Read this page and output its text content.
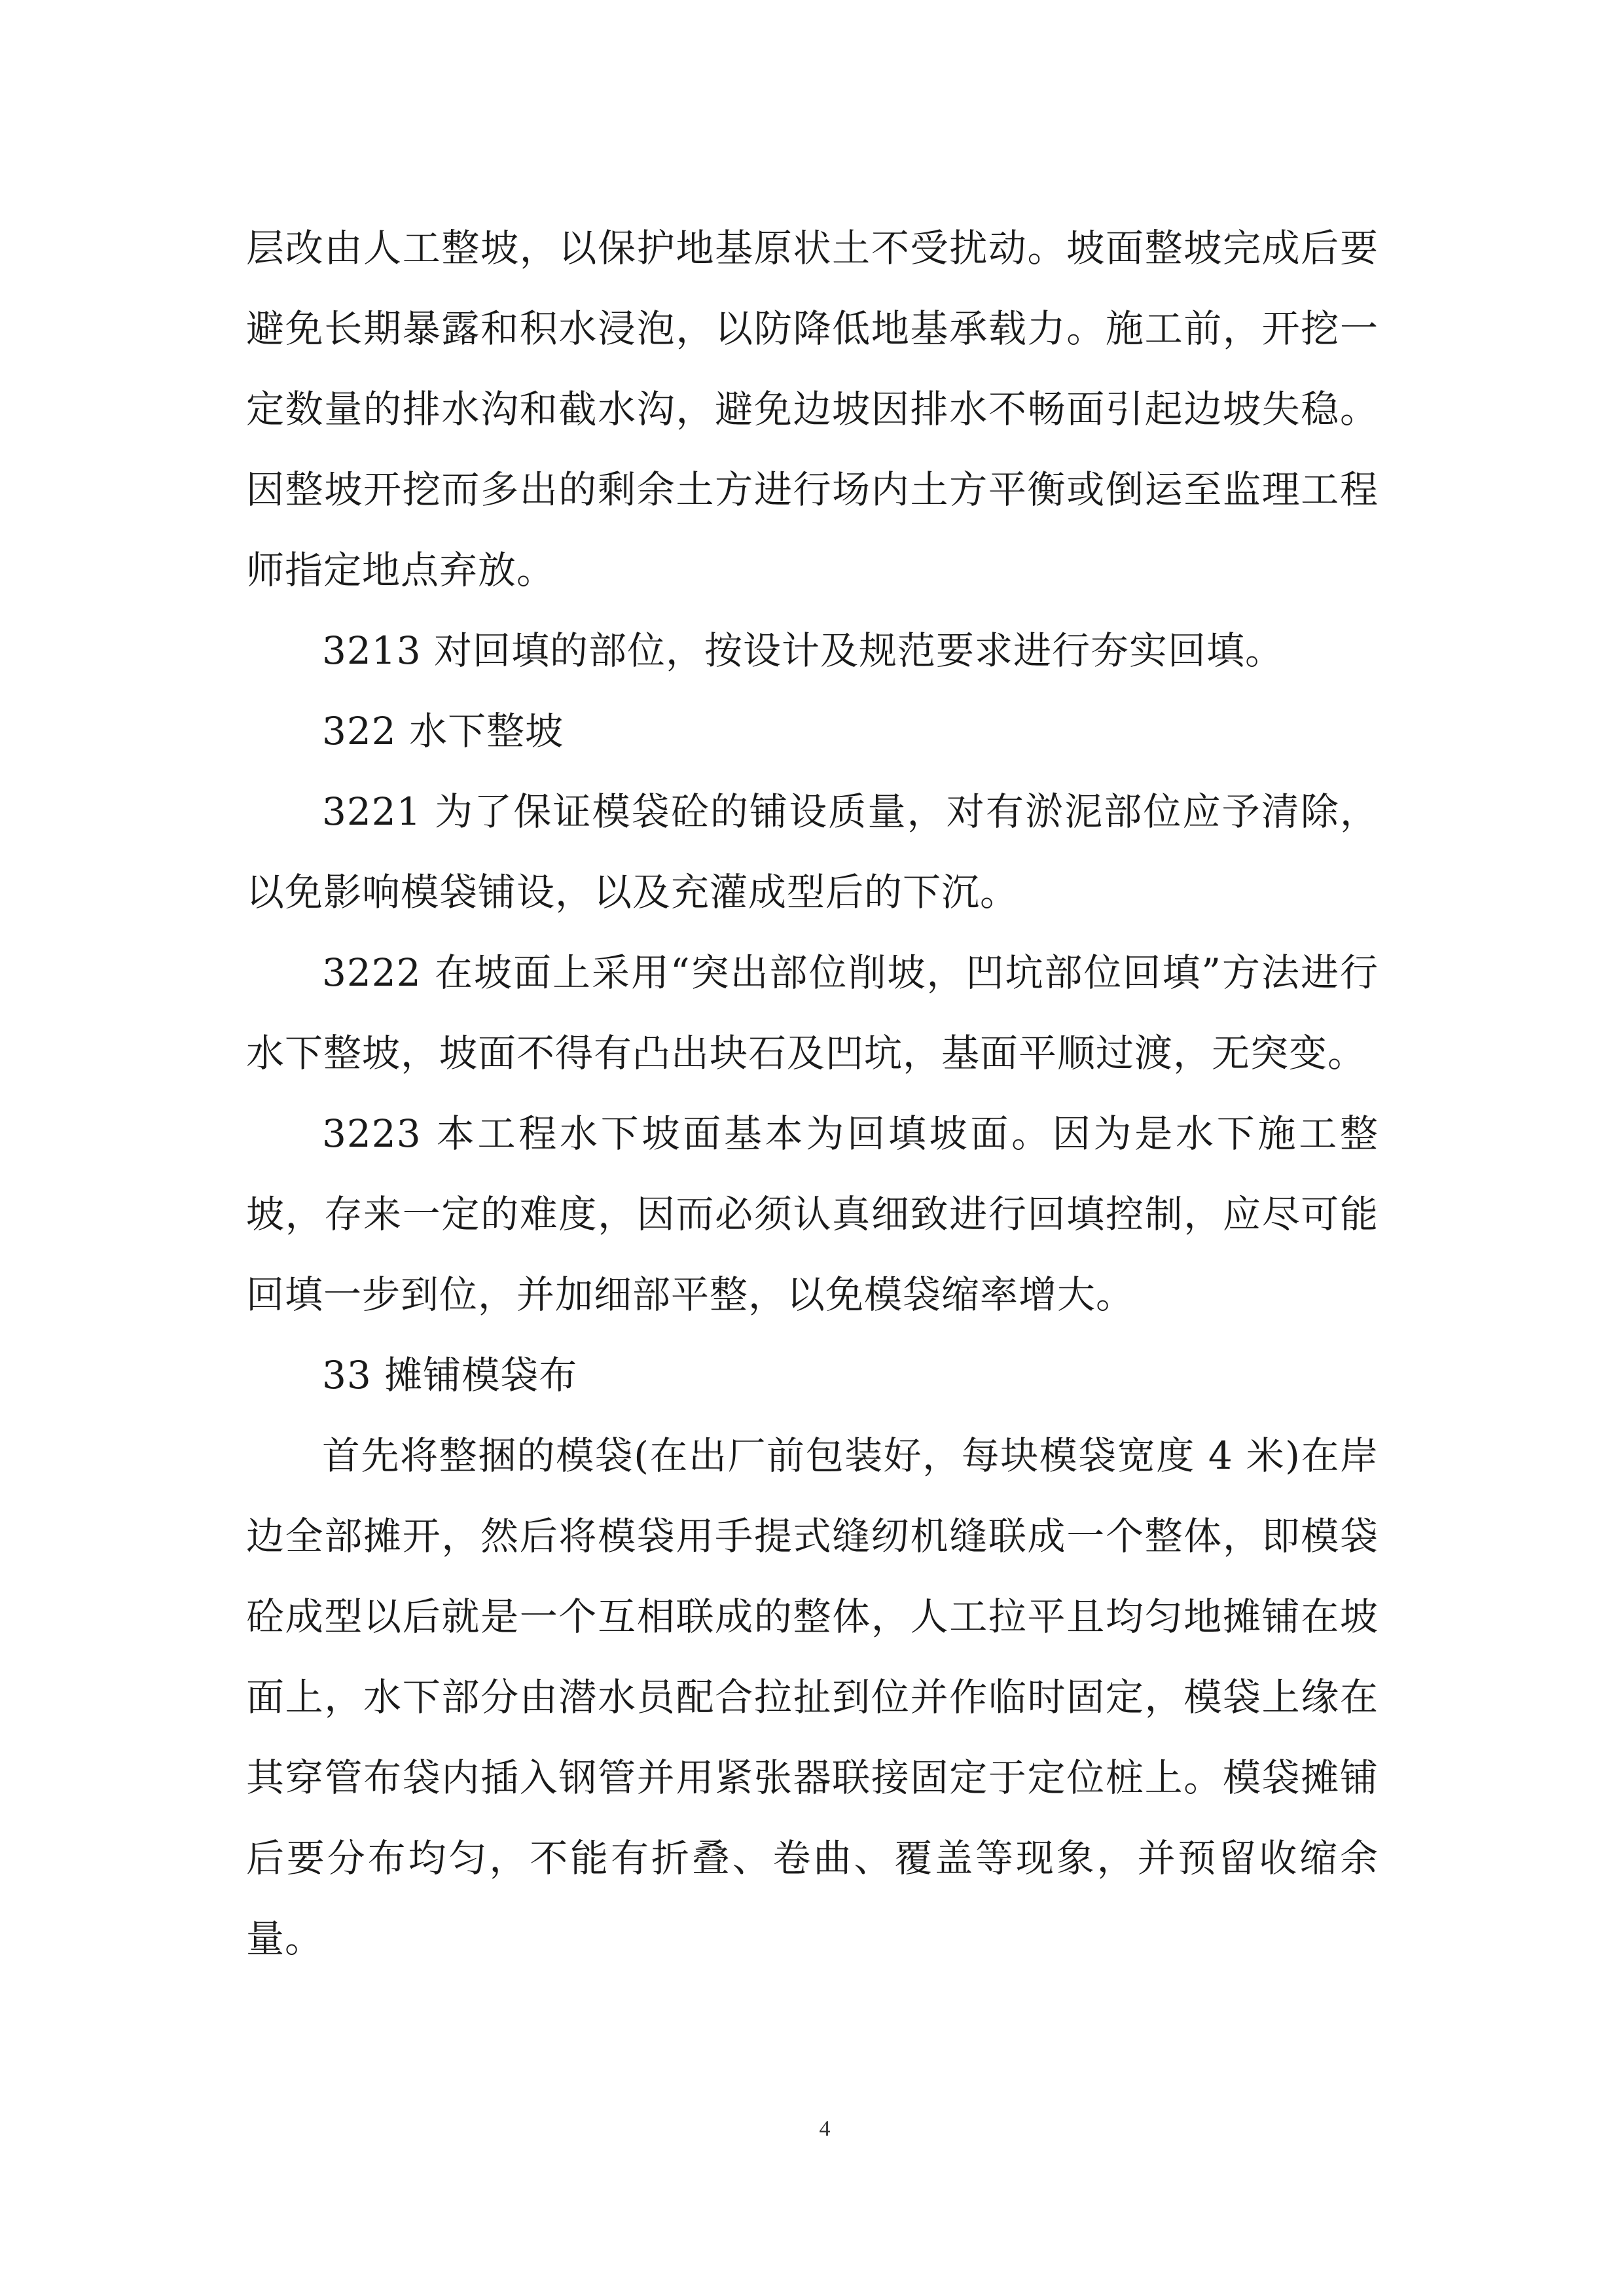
层改由人工整坡，以保护地基原状土不受扰动。坡面整坡完成后要避免长期暴露和积水浸泡，以防降低地基承载力。施工前，开挖一定数量的排水沟和截水沟，避免边坡因排水不畅面引起边坡失稳。因整坡开挖而多出的剩余土方进行场内土方平衡或倒运至监理工程师指定地点弃放。

3213 对回填的部位，按设计及规范要求进行夯实回填。

322 水下整坡

3221 为了保证模袋砼的铺设质量，对有淤泥部位应予清除，以免影响模袋铺设，以及充灌成型后的下沉。

3222 在坡面上采用“突出部位削坡，凹坑部位回填”方法进行水下整坡，坡面不得有凸出块石及凹坑，基面平顺过渡，无突变。

3223 本工程水下坡面基本为回填坡面。因为是水下施工整坡，存来一定的难度，因而必须认真细致进行回填控制，应尽可能回填一步到位，并加细部平整，以免模袋缩率增大。

33 摊铺模袋布

首先将整捆的模袋(在出厂前包装好，每块模袋宽度 4 米)在岸边全部摊开，然后将模袋用手提式缝纫机缝联成一个整体，即模袋砼成型以后就是一个互相联成的整体，人工拉平且均匀地摊铺在坡面上，水下部分由潜水员配合拉扯到位并作临时固定，模袋上缘在其穿管布袋内插入钢管并用紧张器联接固定于定位桩上。模袋摊铺后要分布均匀，不能有折叠、卷曲、覆盖等现象，并预留收缩余量。

4
